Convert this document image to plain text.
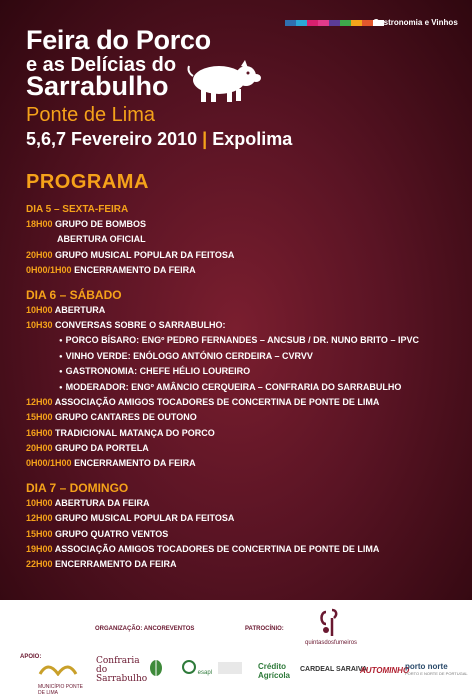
Gastronomia e Vinhos
Feira do Porco
e as Delícias do
Sarrabulho
Ponte de Lima
5,6,7 Fevereiro 2010 | Expolima
PROGRAMA
DIA 5 – SEXTA-FEIRA
18H00 GRUPO DE BOMBOS
ABERTURA OFICIAL
20H00 GRUPO MUSICAL POPULAR DA FEITOSA
0H00/1H00 ENCERRAMENTO DA FEIRA
DIA 6 – SÁBADO
10H00 ABERTURA
10H30 CONVERSAS SOBRE O SARRABULHO:
● PORCO BÍSARO: ENGº PEDRO FERNANDES – ANCSUB / DR. NUNO BRITO – IPVC
● VINHO VERDE: ENÓLOGO ANTÓNIO CERDEIRA – CVRVV
● GASTRONOMIA: CHEFE HÉLIO LOUREIRO
● MODERADOR: ENGº AMÂNCIO CERQUEIRA – CONFRARIA DO SARRABULHO
12H00 ASSOCIAÇÃO AMIGOS TOCADORES DE CONCERTINA DE PONTE DE LIMA
15H00 GRUPO CANTARES DE OUTONO
16H00 TRADICIONAL MATANÇA DO PORCO
20H00 GRUPO DA PORTELA
0H00/1H00 ENCERRAMENTO DA FEIRA
DIA 7 – DOMINGO
10H00 ABERTURA DA FEIRA
12H00 GRUPO MUSICAL POPULAR DA FEITOSA
15H00 GRUPO QUATRO VENTOS
19H00 ASSOCIAÇÃO AMIGOS TOCADORES DE CONCERTINA DE PONTE DE LIMA
22H00 ENCERRAMENTO DA FEIRA
ORGANIZAÇÃO: ANCOREVENTOS	PATROCÍNIO:
quintasdosfumeiros
APOIO:
MUNICÍPIO PONTE DE LIMA
Confraria do Sarrabulho
esapl
Crédito Agrícola
CARDEAL SARAIVA
AUTOMINHO
porto norte
PORTO E NORTE DE PORTUGAL
